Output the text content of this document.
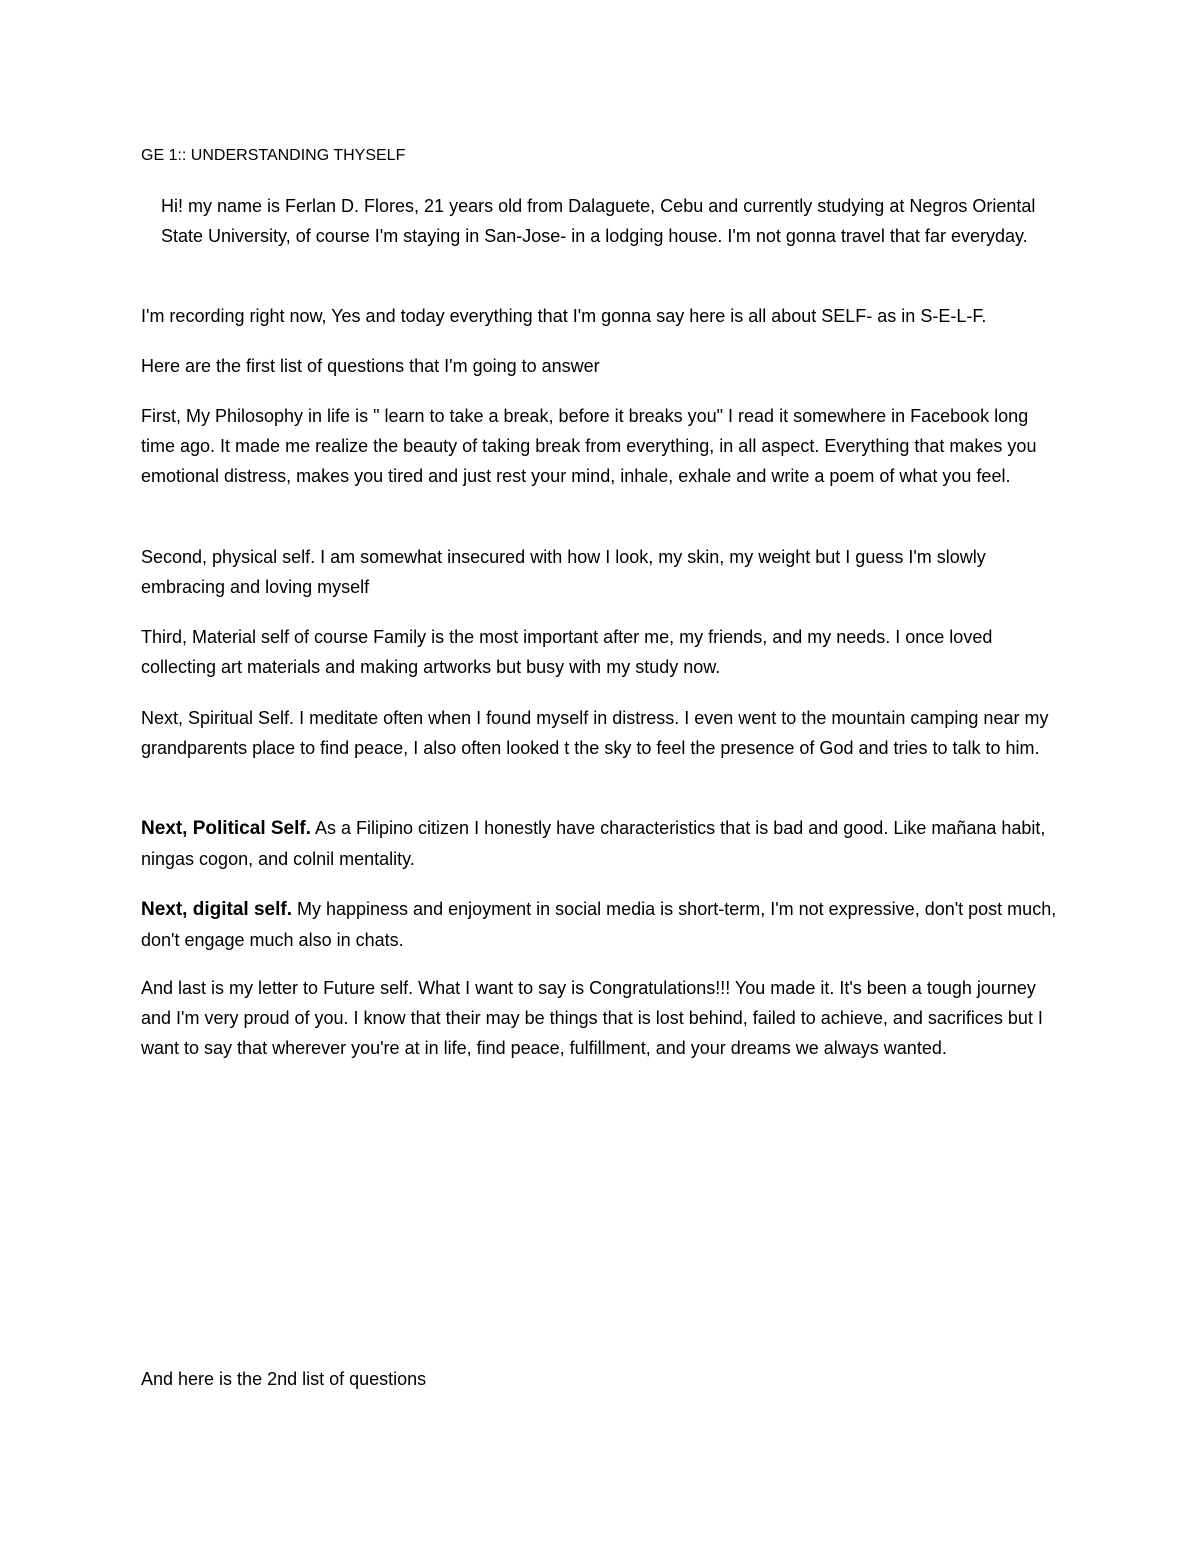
GE 1:: UNDERSTANDING THYSELF

Hi! my name is Ferlan D. Flores, 21 years old from Dalaguete, Cebu and currently studying at Negros Oriental State University, of course I'm staying in San-Jose- in a lodging house. I'm not gonna travel that far everyday.

I'm recording right now, Yes and today everything that I'm gonna say here is all about SELF- as in S-E-L-F.

Here are the first list of questions that I'm going to answer

First, My Philosophy in life is " learn to take a break, before it breaks you" I read it somewhere in Facebook long time ago. It made me realize the beauty of taking break from everything, in all aspect. Everything that makes you emotional distress, makes you tired and just rest your mind, inhale, exhale and write a poem of what you feel.

Second, physical self. I am somewhat insecured with how I look, my skin, my weight but I guess I'm slowly embracing and loving myself

Third, Material self of course Family is the most important after me, my friends, and my needs. I once loved collecting art materials and making artworks but busy with my study now.

Next, Spiritual Self. I meditate often when I found myself in distress. I even went to the mountain camping near my grandparents place to find peace, I also often looked t the sky to feel the presence of God and tries to talk to him.

Next, Political Self. As a Filipino citizen I honestly have characteristics that is bad and good. Like mañana habit, ningas cogon, and colnil mentality.

Next, digital self. My happiness and enjoyment in social media is short-term, I'm not expressive, don't post much, don't engage much also in chats.

And last is my letter to Future self. What I want to say is Congratulations!!! You made it. It's been a tough journey and I'm very proud of you. I know that their may be things that is lost behind, failed to achieve, and sacrifices but I want to say that wherever you're at in life, find peace, fulfillment, and your dreams we always wanted.

And here is the 2nd list of questions
